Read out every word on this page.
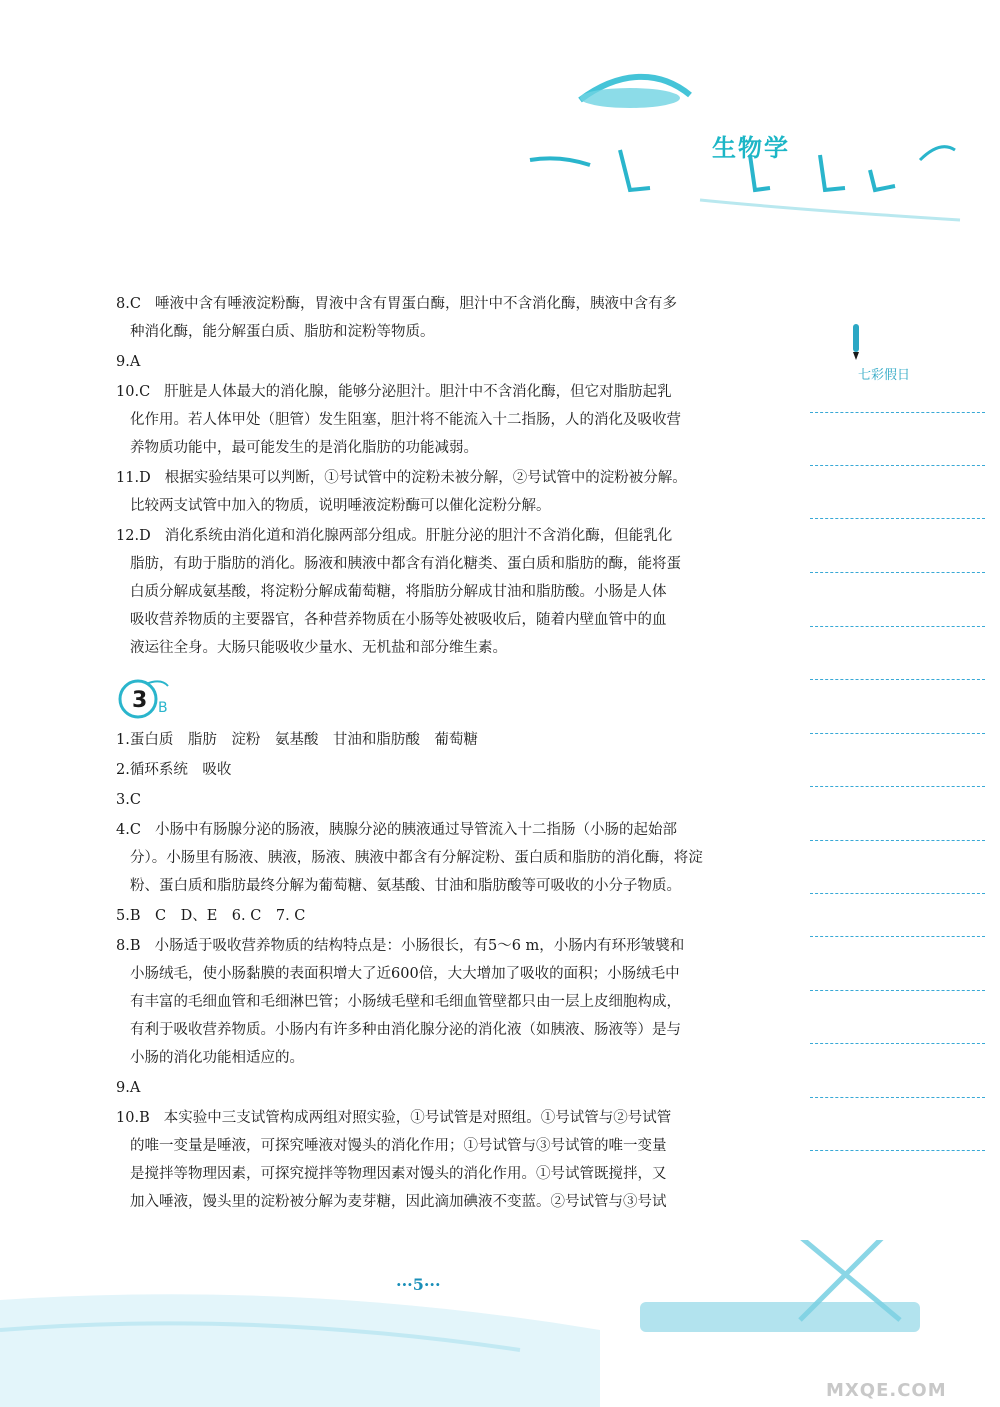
生物学
七彩假日
8.C 唾液中含有唾液淀粉酶，胃液中含有胃蛋白酶，胆汁中不含消化酶，胰液中含有多
种消化酶，能分解蛋白质、脂肪和淀粉等物质。
9.A
10.C 肝脏是人体最大的消化腺，能够分泌胆汁。胆汁中不含消化酶，但它对脂肪起乳
化作用。若人体甲处（胆管）发生阻塞，胆汁将不能流入十二指肠，人的消化及吸收营
养物质功能中，最可能发生的是消化脂肪的功能减弱。
11.D 根据实验结果可以判断，①号试管中的淀粉未被分解，②号试管中的淀粉被分解。
比较两支试管中加入的物质，说明唾液淀粉酶可以催化淀粉分解。
12.D 消化系统由消化道和消化腺两部分组成。肝脏分泌的胆汁不含消化酶，但能乳化
脂肪，有助于脂肪的消化。肠液和胰液中都含有消化糖类、蛋白质和脂肪的酶，能将蛋
白质分解成氨基酸，将淀粉分解成葡萄糖，将脂肪分解成甘油和脂肪酸。小肠是人体
吸收营养物质的主要器官，各种营养物质在小肠等处被吸收后，随着内壁血管中的血
液运往全身。大肠只能吸收少量水、无机盐和部分维生素。
3 B
1.蛋白质　脂肪　淀粉　氨基酸　甘油和脂肪酸　葡萄糖
2.循环系统　吸收
3.C
4.C 小肠中有肠腺分泌的肠液，胰腺分泌的胰液通过导管流入十二指肠（小肠的起始部
分）。小肠里有肠液、胰液，肠液、胰液中都含有分解淀粉、蛋白质和脂肪的消化酶，将淀
粉、蛋白质和脂肪最终分解为葡萄糖、氨基酸、甘油和脂肪酸等可吸收的小分子物质。
5.B　C　D、E　6. C　7. C
8.B 小肠适于吸收营养物质的结构特点是：小肠很长，有5～6 m，小肠内有环形皱襞和
小肠绒毛，使小肠黏膜的表面积增大了近600倍，大大增加了吸收的面积；小肠绒毛中
有丰富的毛细血管和毛细淋巴管；小肠绒毛壁和毛细血管壁都只由一层上皮细胞构成，
有利于吸收营养物质。小肠内有许多种由消化腺分泌的消化液（如胰液、肠液等）是与
小肠的消化功能相适应的。
9.A
10.B 本实验中三支试管构成两组对照实验，①号试管是对照组。①号试管与②号试管
的唯一变量是唾液，可探究唾液对馒头的消化作用；①号试管与③号试管的唯一变量
是搅拌等物理因素，可探究搅拌等物理因素对馒头的消化作用。①号试管既搅拌，又
加入唾液，馒头里的淀粉被分解为麦芽糖，因此滴加碘液不变蓝。②号试管与③号试
···5···
MXQE.COM
